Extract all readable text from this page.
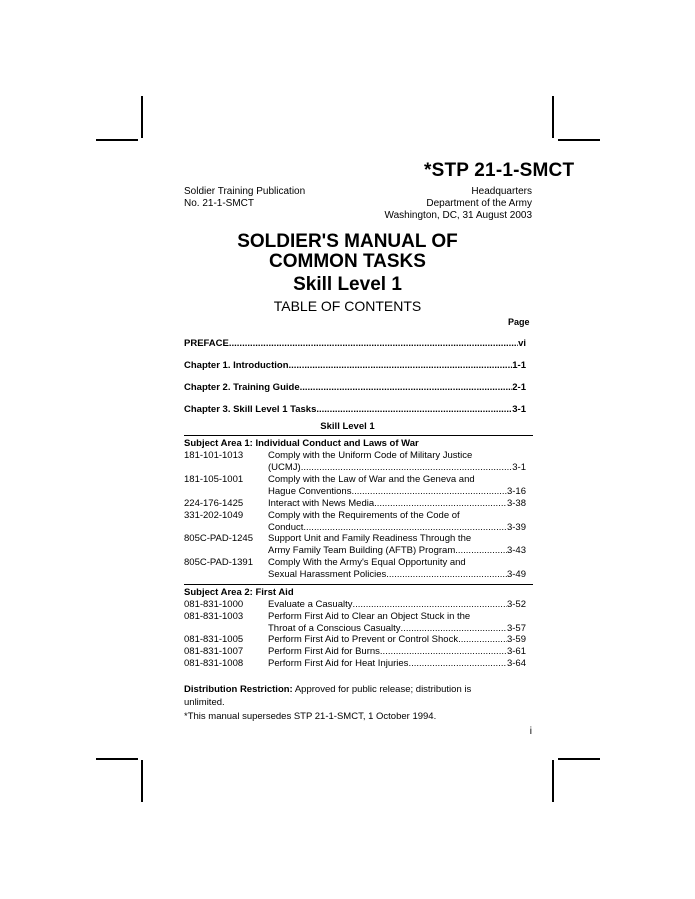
*STP 21-1-SMCT
Soldier Training Publication
No. 21-1-SMCT
Headquarters
Department of the Army
Washington, DC, 31 August 2003
SOLDIER'S MANUAL OF
COMMON TASKS
Skill Level 1
TABLE OF CONTENTS
Page
PREFACE .....	vi
Chapter 1. Introduction .....	1-1
Chapter 2. Training Guide .....	2-1
Chapter 3. Skill Level 1 Tasks .....	3-1
Skill Level 1
Subject Area 1: Individual Conduct and Laws of War
181-101-1013	Comply with the Uniform Code of Military Justice
(UCMJ) .....	3-1
181-105-1001	Comply with the Law of War and the Geneva and
Hague Conventions .....	3-16
224-176-1425	Interact with News Media .....	3-38
331-202-1049	Comply with the Requirements of the Code of
Conduct .....	3-39
805C-PAD-1245 Support Unit and Family Readiness Through the
Army Family Team Building (AFTB) Program .....	3-43
805C-PAD-1391 Comply With the Army's Equal Opportunity and
Sexual Harassment Policies .....	3-49
Subject Area 2: First Aid
081-831-1000	Evaluate a Casualty .....	3-52
081-831-1003	Perform First Aid to Clear an Object Stuck in the
Throat of a Conscious Casualty .....	3-57
081-831-1005	Perform First Aid to Prevent or Control Shock .....	3-59
081-831-1007	Perform First Aid for Burns .....	3-61
081-831-1008	Perform First Aid for Heat Injuries .....	3-64
Distribution Restriction: Approved for public release; distribution is unlimited.
*This manual supersedes STP 21-1-SMCT, 1 October 1994.
i
